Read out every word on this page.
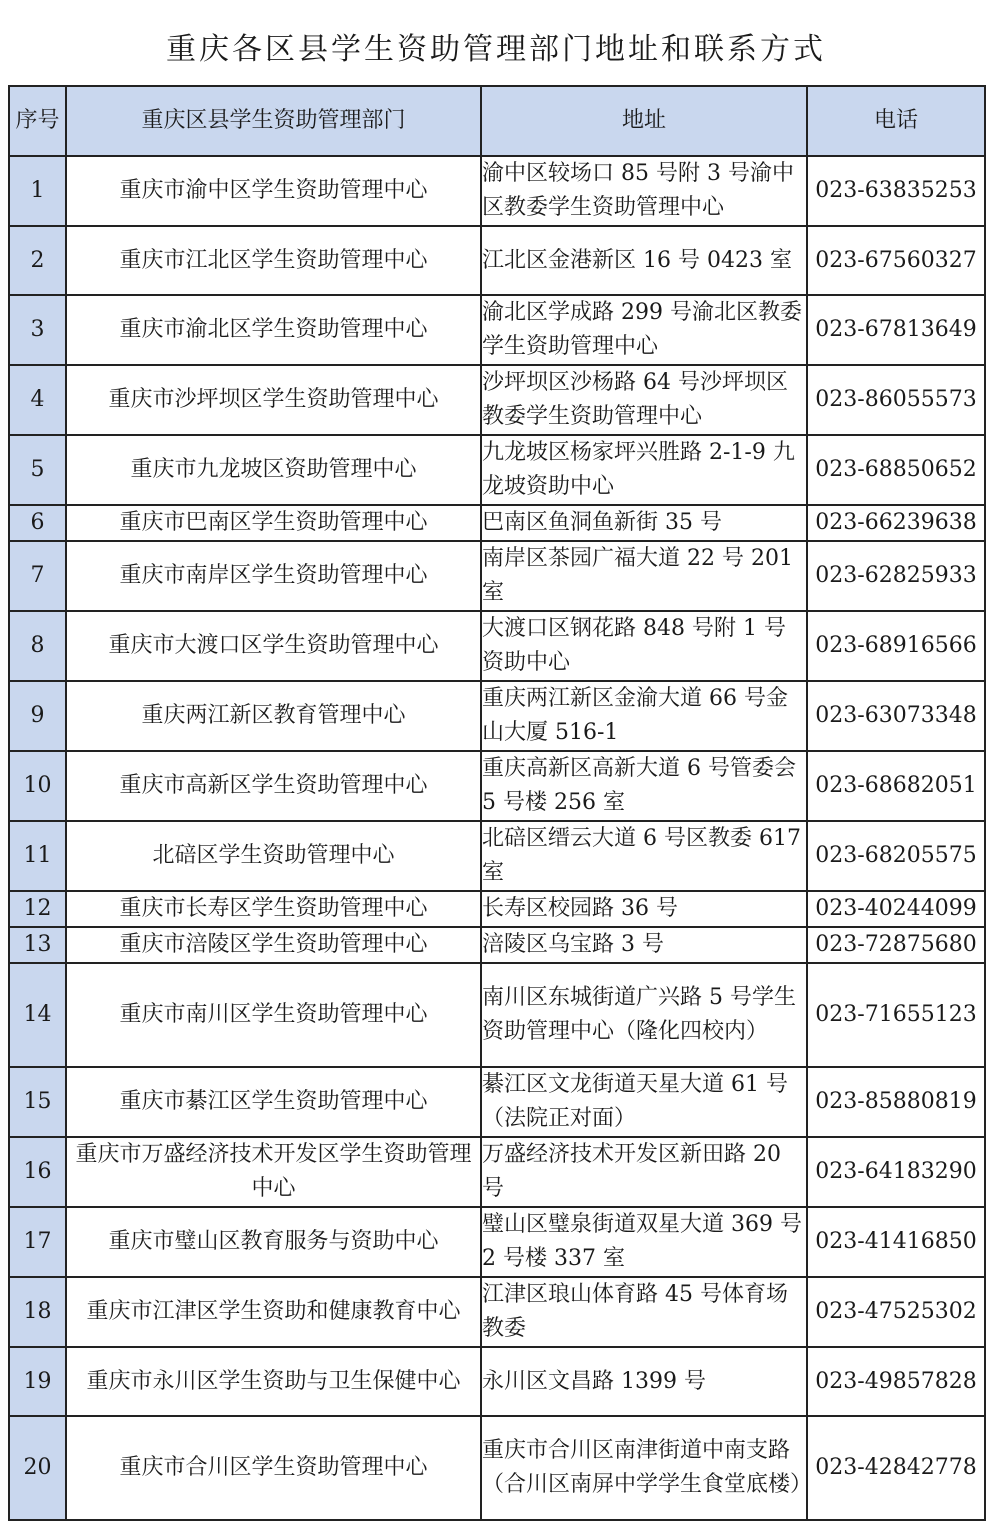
重庆各区县学生资助管理部门地址和联系方式
序号	重庆区县学生资助管理部门	地址	电话
1	重庆市渝中区学生资助管理中心	渝中区较场口 85 号附 3 号渝中区教委学生资助管理中心	023-63835253
2	重庆市江北区学生资助管理中心	江北区金港新区 16 号 0423 室	023-67560327
3	重庆市渝北区学生资助管理中心	渝北区学成路 299 号渝北区教委学生资助管理中心	023-67813649
4	重庆市沙坪坝区学生资助管理中心	沙坪坝区沙杨路 64 号沙坪坝区教委学生资助管理中心	023-86055573
5	重庆市九龙坡区资助管理中心	九龙坡区杨家坪兴胜路 2-1-9 九龙坡资助中心	023-68850652
6	重庆市巴南区学生资助管理中心	巴南区鱼洞鱼新街 35 号	023-66239638
7	重庆市南岸区学生资助管理中心	南岸区茶园广福大道 22 号 201 室	023-62825933
8	重庆市大渡口区学生资助管理中心	大渡口区钢花路 848 号附 1 号资助中心	023-68916566
9	重庆两江新区教育管理中心	重庆两江新区金渝大道 66 号金山大厦 516-1	023-63073348
10	重庆市高新区学生资助管理中心	重庆高新区高新大道 6 号管委会 5 号楼 256 室	023-68682051
11	北碚区学生资助管理中心	北碚区缙云大道 6 号区教委 617 室	023-68205575
12	重庆市长寿区学生资助管理中心	长寿区校园路 36 号	023-40244099
13	重庆市涪陵区学生资助管理中心	涪陵区乌宝路 3 号	023-72875680
14	重庆市南川区学生资助管理中心	南川区东城街道广兴路 5 号学生资助管理中心（隆化四校内）	023-71655123
15	重庆市綦江区学生资助管理中心	綦江区文龙街道天星大道 61 号（法院正对面）	023-85880819
16	重庆市万盛经济技术开发区学生资助管理中心	万盛经济技术开发区新田路 20 号	023-64183290
17	重庆市璧山区教育服务与资助中心	璧山区璧泉街道双星大道 369 号 2 号楼 337 室	023-41416850
18	重庆市江津区学生资助和健康教育中心	江津区琅山体育路 45 号体育场教委	023-47525302
19	重庆市永川区学生资助与卫生保健中心	永川区文昌路 1399 号	023-49857828
20	重庆市合川区学生资助管理中心	重庆市合川区南津街道中南支路（合川区南屏中学学生食堂底楼）	023-42842778
